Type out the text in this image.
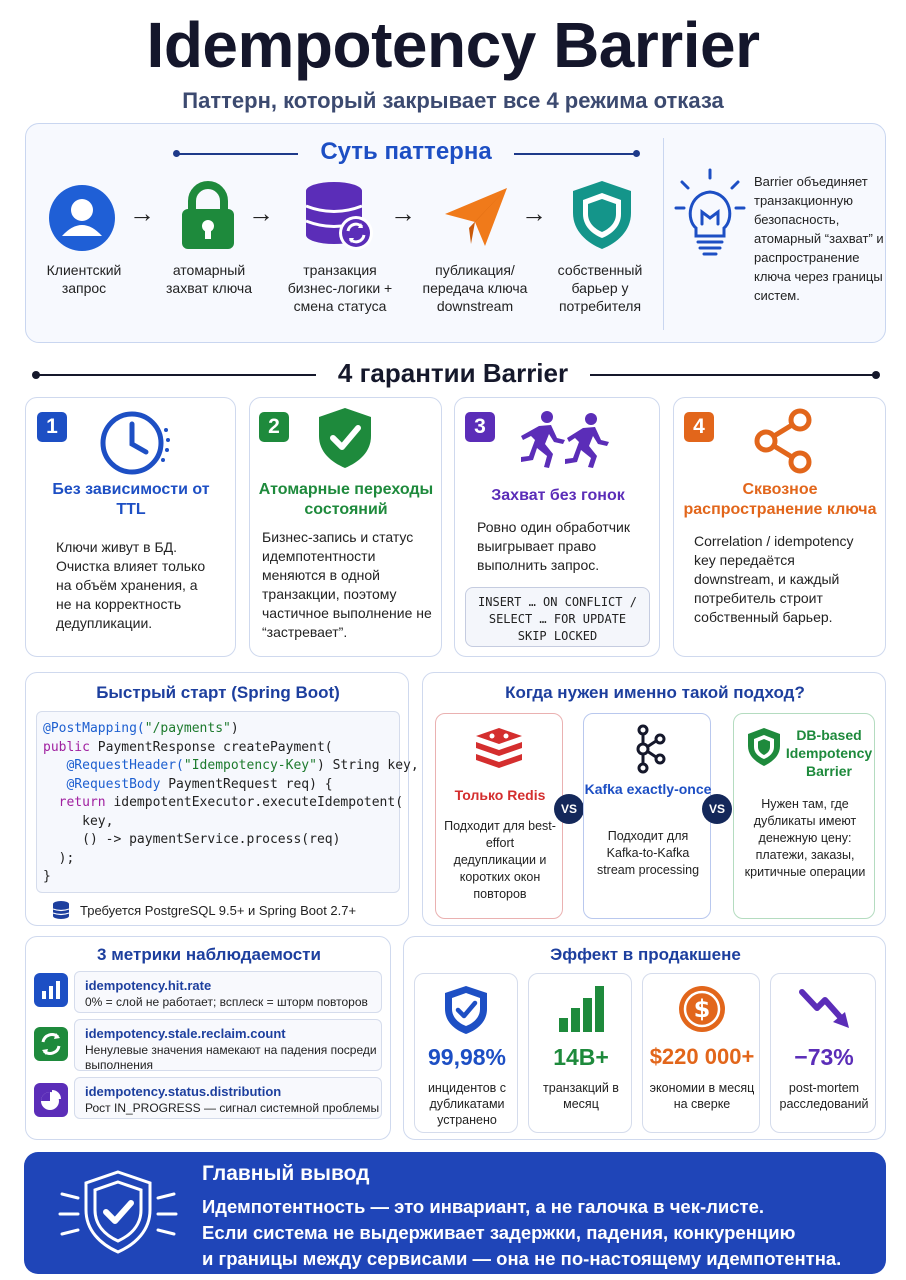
Idempotency Barrier
Паттерн, который закрывает все 4 режима отказа
Суть паттерна
→	→	→	→
Клиентский запрос
атомарный захват ключа
транзакция бизнес-логики + смена статуса
публикация/ передача ключа downstream
собственный барьер у потребителя
Barrier объединяет транзакционную безопасность, атомарный “захват” и распространение ключа через границы систем.
4 гарантии Barrier
1
Без зависимости от TTL
Ключи живут в БД. Очистка влияет только на объём хранения, а не на корректность дедупликации.
2
Атомарные переходы состояний
Бизнес-запись и статус идемпотентности меняются в одной транзакции, поэтому частичное выполнение не “застревает”.
3
Захват без гонок
Ровно один обработчик выигрывает право выполнить запрос.
INSERT … ON CONFLICT / SELECT … FOR UPDATE SKIP LOCKED
4
Сквозное распространение ключа
Correlation / idempotency key передаётся downstream, и каждый потребитель строит собственный барьер.
Быстрый старт (Spring Boot)
@PostMapping("/payments")
public PaymentResponse createPayment(
@RequestHeader("Idempotency-Key") String key,
@RequestBody PaymentRequest req) {
return idempotentExecutor.executeIdempotent(
key,
() -> paymentService.process(req)
);
}
Требуется PostgreSQL 9.5+ и Spring Boot 2.7+
Когда нужен именно такой подход?
Только Redis
Подходит для best-effort дедупликации и коротких окон повторов
VS
Kafka exactly-once
Подходит для Kafka-to-Kafka stream processing
VS
DB-based Idempotency Barrier
Нужен там, где дубликаты имеют денежную цену: платежи, заказы, критичные операции
3 метрики наблюдаемости
idempotency.hit.rate
0% = слой не работает; всплеск = шторм повторов
idempotency.stale.reclaim.count
Ненулевые значения намекают на падения посреди выполнения
idempotency.status.distribution
Рост IN_PROGRESS — сигнал системной проблемы
Эффект в продакшене
99,98%
инцидентов с дубликатами устранено
14B+
транзакций в месяц
$
$220 000+
экономии в месяц на сверке
−73%
post-mortem расследований
Главный вывод
Идемпотентность — это инвариант, а не галочка в чек-листе.
Если система не выдерживает задержки, падения, конкуренцию
и границы между сервисами — она не по-настоящему идемпотентна.
